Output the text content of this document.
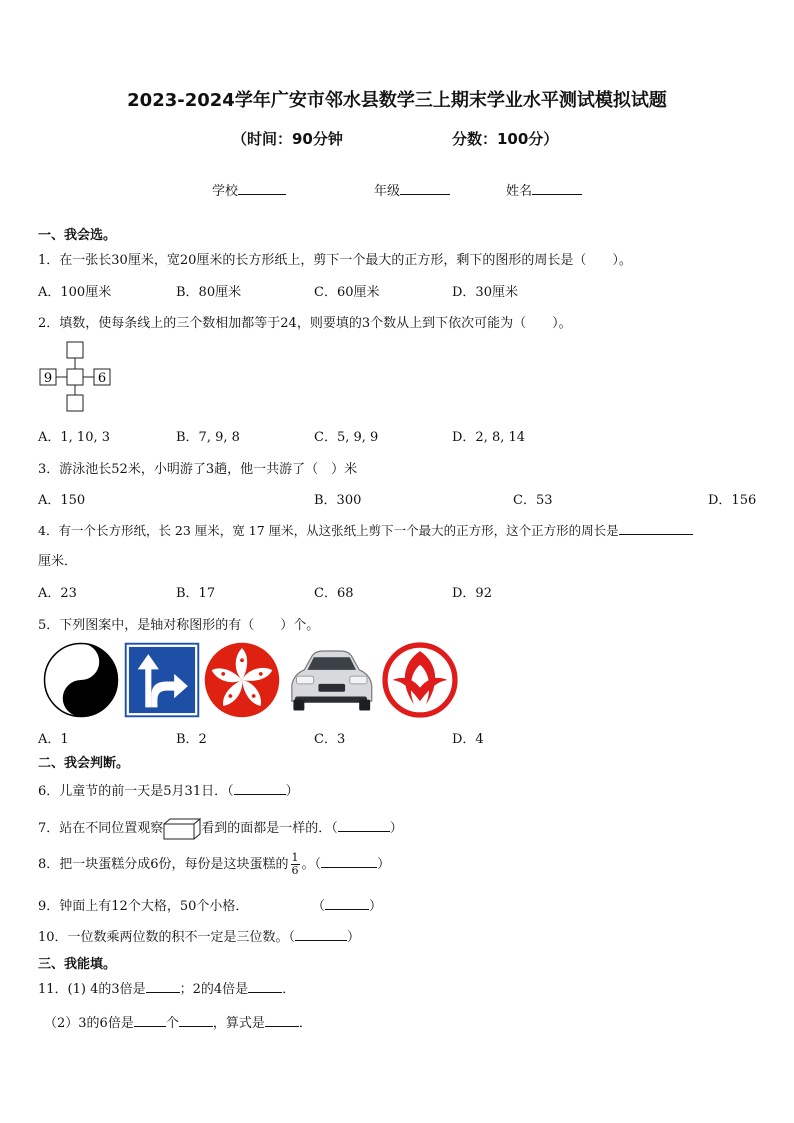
2023-2024学年广安市邻水县数学三上期末学业水平测试模拟试题
（时间：90分钟	分数：100分）
学校	年级	姓名
一、我会选。
1．在一张长30厘米，宽20厘米的长方形纸上，剪下一个最大的正方形，剩下的图形的周长是（　　）。
A．100厘米	B．80厘米	C．60厘米	D．30厘米
2．填数，使每条线上的三个数相加都等于24，则要填的3个数从上到下依次可能为（　　）。
9	6
A．1, 10, 3	B．7, 9, 8	C．5, 9, 9	D．2, 8, 14
3．游泳池长52米，小明游了3趟，他一共游了（　）米
A．150	B．300	C．53	D．156
4．有一个长方形纸，长 23 厘米，宽 17 厘米，从这张纸上剪下一个最大的正方形，这个正方形的周长是
厘米．
A．23	B．17	C．68	D．92
5．下列图案中，是轴对称图形的有（　　）个。
A．1	B．2	C．3	D．4
二、我会判断。
6．儿童节的前一天是5月31日．（	）
7．站在不同位置观察	看到的面都是一样的．（	）
8．把一块蛋糕分成6份，每份是这块蛋糕的 $\frac{1}{6}$ 。（	）
9．钟面上有12个大格，50个小格．	（	）
10．一位数乘两位数的积不一定是三位数。（	）
三、我能填。
11．(1) 4的3倍是	；2的4倍是	．
（2）3的6倍是 个	，算式是	．
